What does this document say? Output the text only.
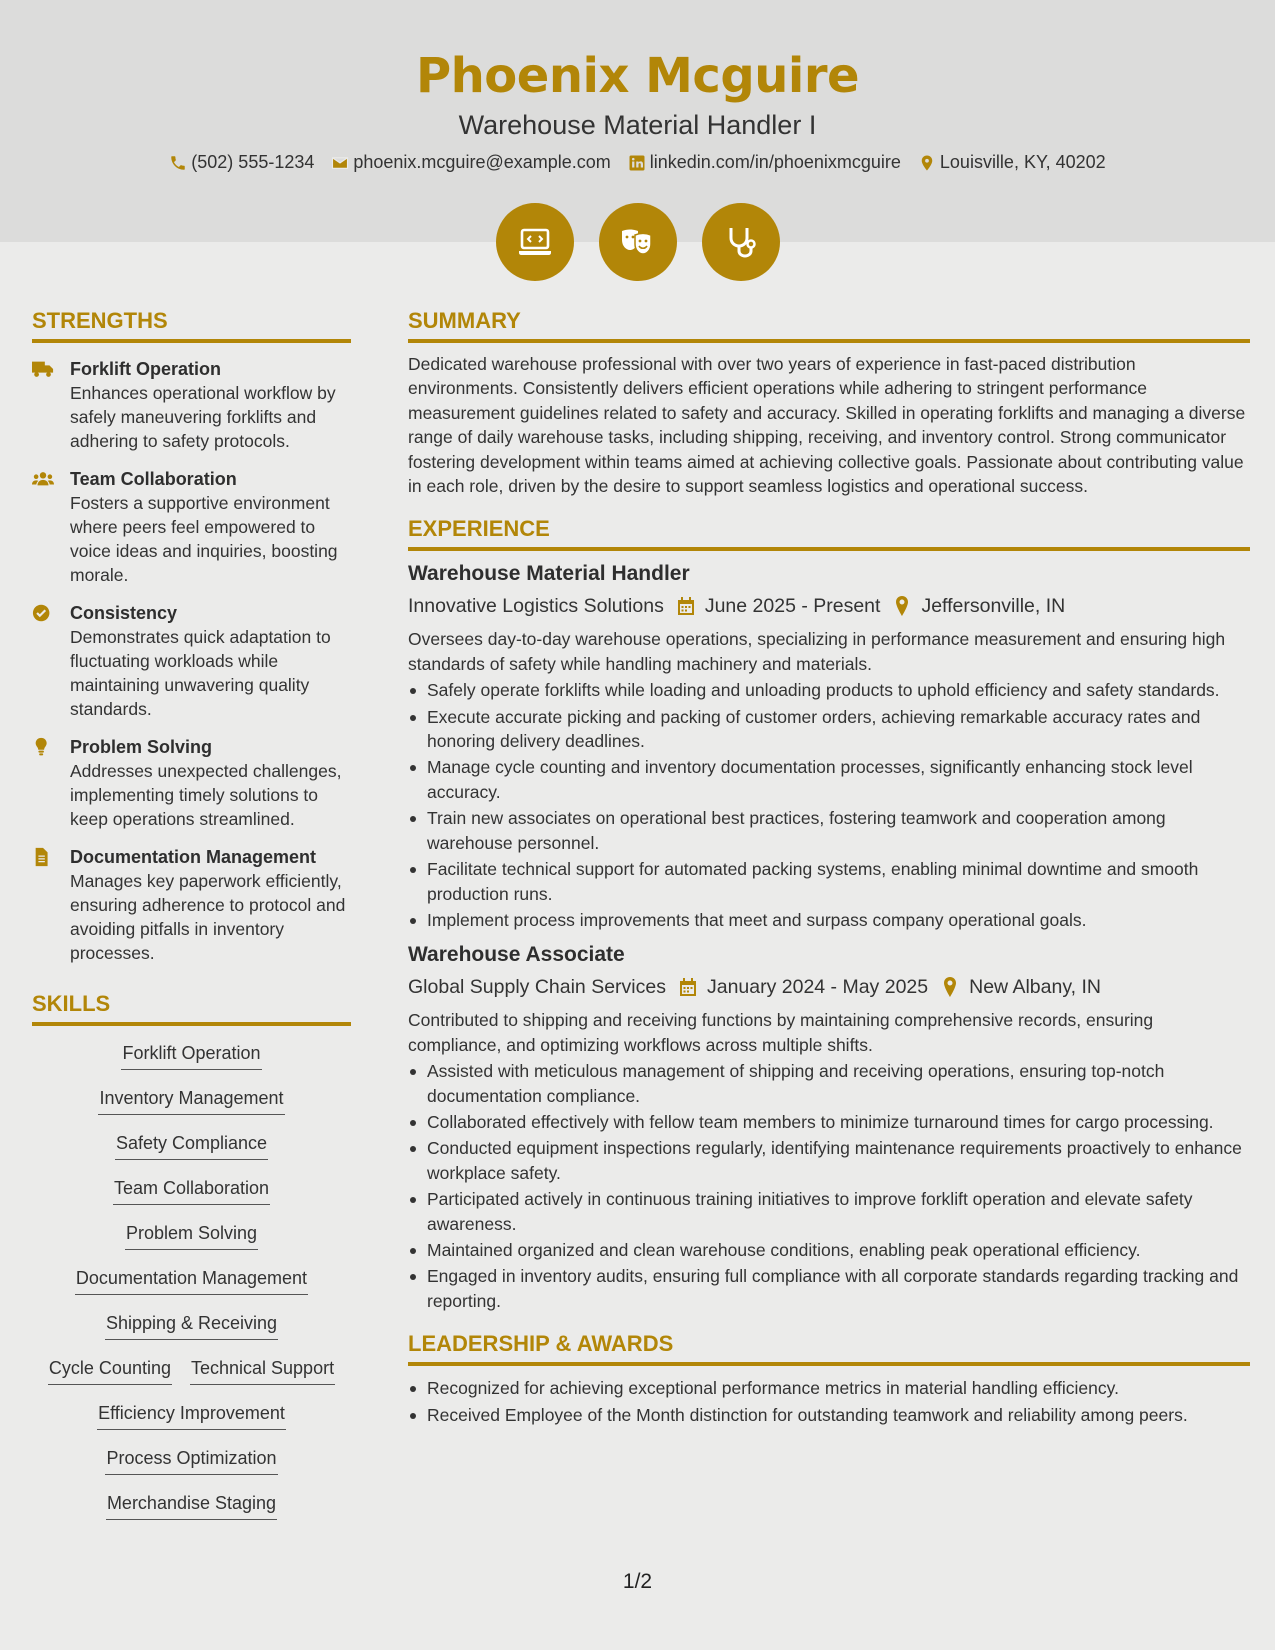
Phoenix Mcguire
Warehouse Material Handler I
(502) 555-1234 phoenix.mcguire@example.com linkedin.com/in/phoenixmcguire Louisville, KY, 40202
STRENGTHS
Forklift Operation
Enhances operational workflow by safely maneuvering forklifts and adhering to safety protocols.
Team Collaboration
Fosters a supportive environment where peers feel empowered to voice ideas and inquiries, boosting morale.
Consistency
Demonstrates quick adaptation to fluctuating workloads while maintaining unwavering quality standards.
Problem Solving
Addresses unexpected challenges, implementing timely solutions to keep operations streamlined.
Documentation Management
Manages key paperwork efficiently, ensuring adherence to protocol and avoiding pitfalls in inventory processes.
SKILLS
Forklift Operation
Inventory Management
Safety Compliance
Team Collaboration
Problem Solving
Documentation Management
Shipping & Receiving
Cycle Counting Technical Support
Efficiency Improvement
Process Optimization
Merchandise Staging
SUMMARY
Dedicated warehouse professional with over two years of experience in fast-paced distribution environments. Consistently delivers efficient operations while adhering to stringent performance measurement guidelines related to safety and accuracy. Skilled in operating forklifts and managing a diverse range of daily warehouse tasks, including shipping, receiving, and inventory control. Strong communicator fostering development within teams aimed at achieving collective goals. Passionate about contributing value in each role, driven by the desire to support seamless logistics and operational success.
EXPERIENCE
Warehouse Material Handler
Innovative Logistics Solutions June 2025 - Present Jeffersonville, IN
Oversees day-to-day warehouse operations, specializing in performance measurement and ensuring high standards of safety while handling machinery and materials.
Safely operate forklifts while loading and unloading products to uphold efficiency and safety standards.
Execute accurate picking and packing of customer orders, achieving remarkable accuracy rates and honoring delivery deadlines.
Manage cycle counting and inventory documentation processes, significantly enhancing stock level accuracy.
Train new associates on operational best practices, fostering teamwork and cooperation among warehouse personnel.
Facilitate technical support for automated packing systems, enabling minimal downtime and smooth production runs.
Implement process improvements that meet and surpass company operational goals.
Warehouse Associate
Global Supply Chain Services January 2024 - May 2025 New Albany, IN
Contributed to shipping and receiving functions by maintaining comprehensive records, ensuring compliance, and optimizing workflows across multiple shifts.
Assisted with meticulous management of shipping and receiving operations, ensuring top-notch documentation compliance.
Collaborated effectively with fellow team members to minimize turnaround times for cargo processing.
Conducted equipment inspections regularly, identifying maintenance requirements proactively to enhance workplace safety.
Participated actively in continuous training initiatives to improve forklift operation and elevate safety awareness.
Maintained organized and clean warehouse conditions, enabling peak operational efficiency.
Engaged in inventory audits, ensuring full compliance with all corporate standards regarding tracking and reporting.
LEADERSHIP & AWARDS
Recognized for achieving exceptional performance metrics in material handling efficiency.
Received Employee of the Month distinction for outstanding teamwork and reliability among peers.
1/2
